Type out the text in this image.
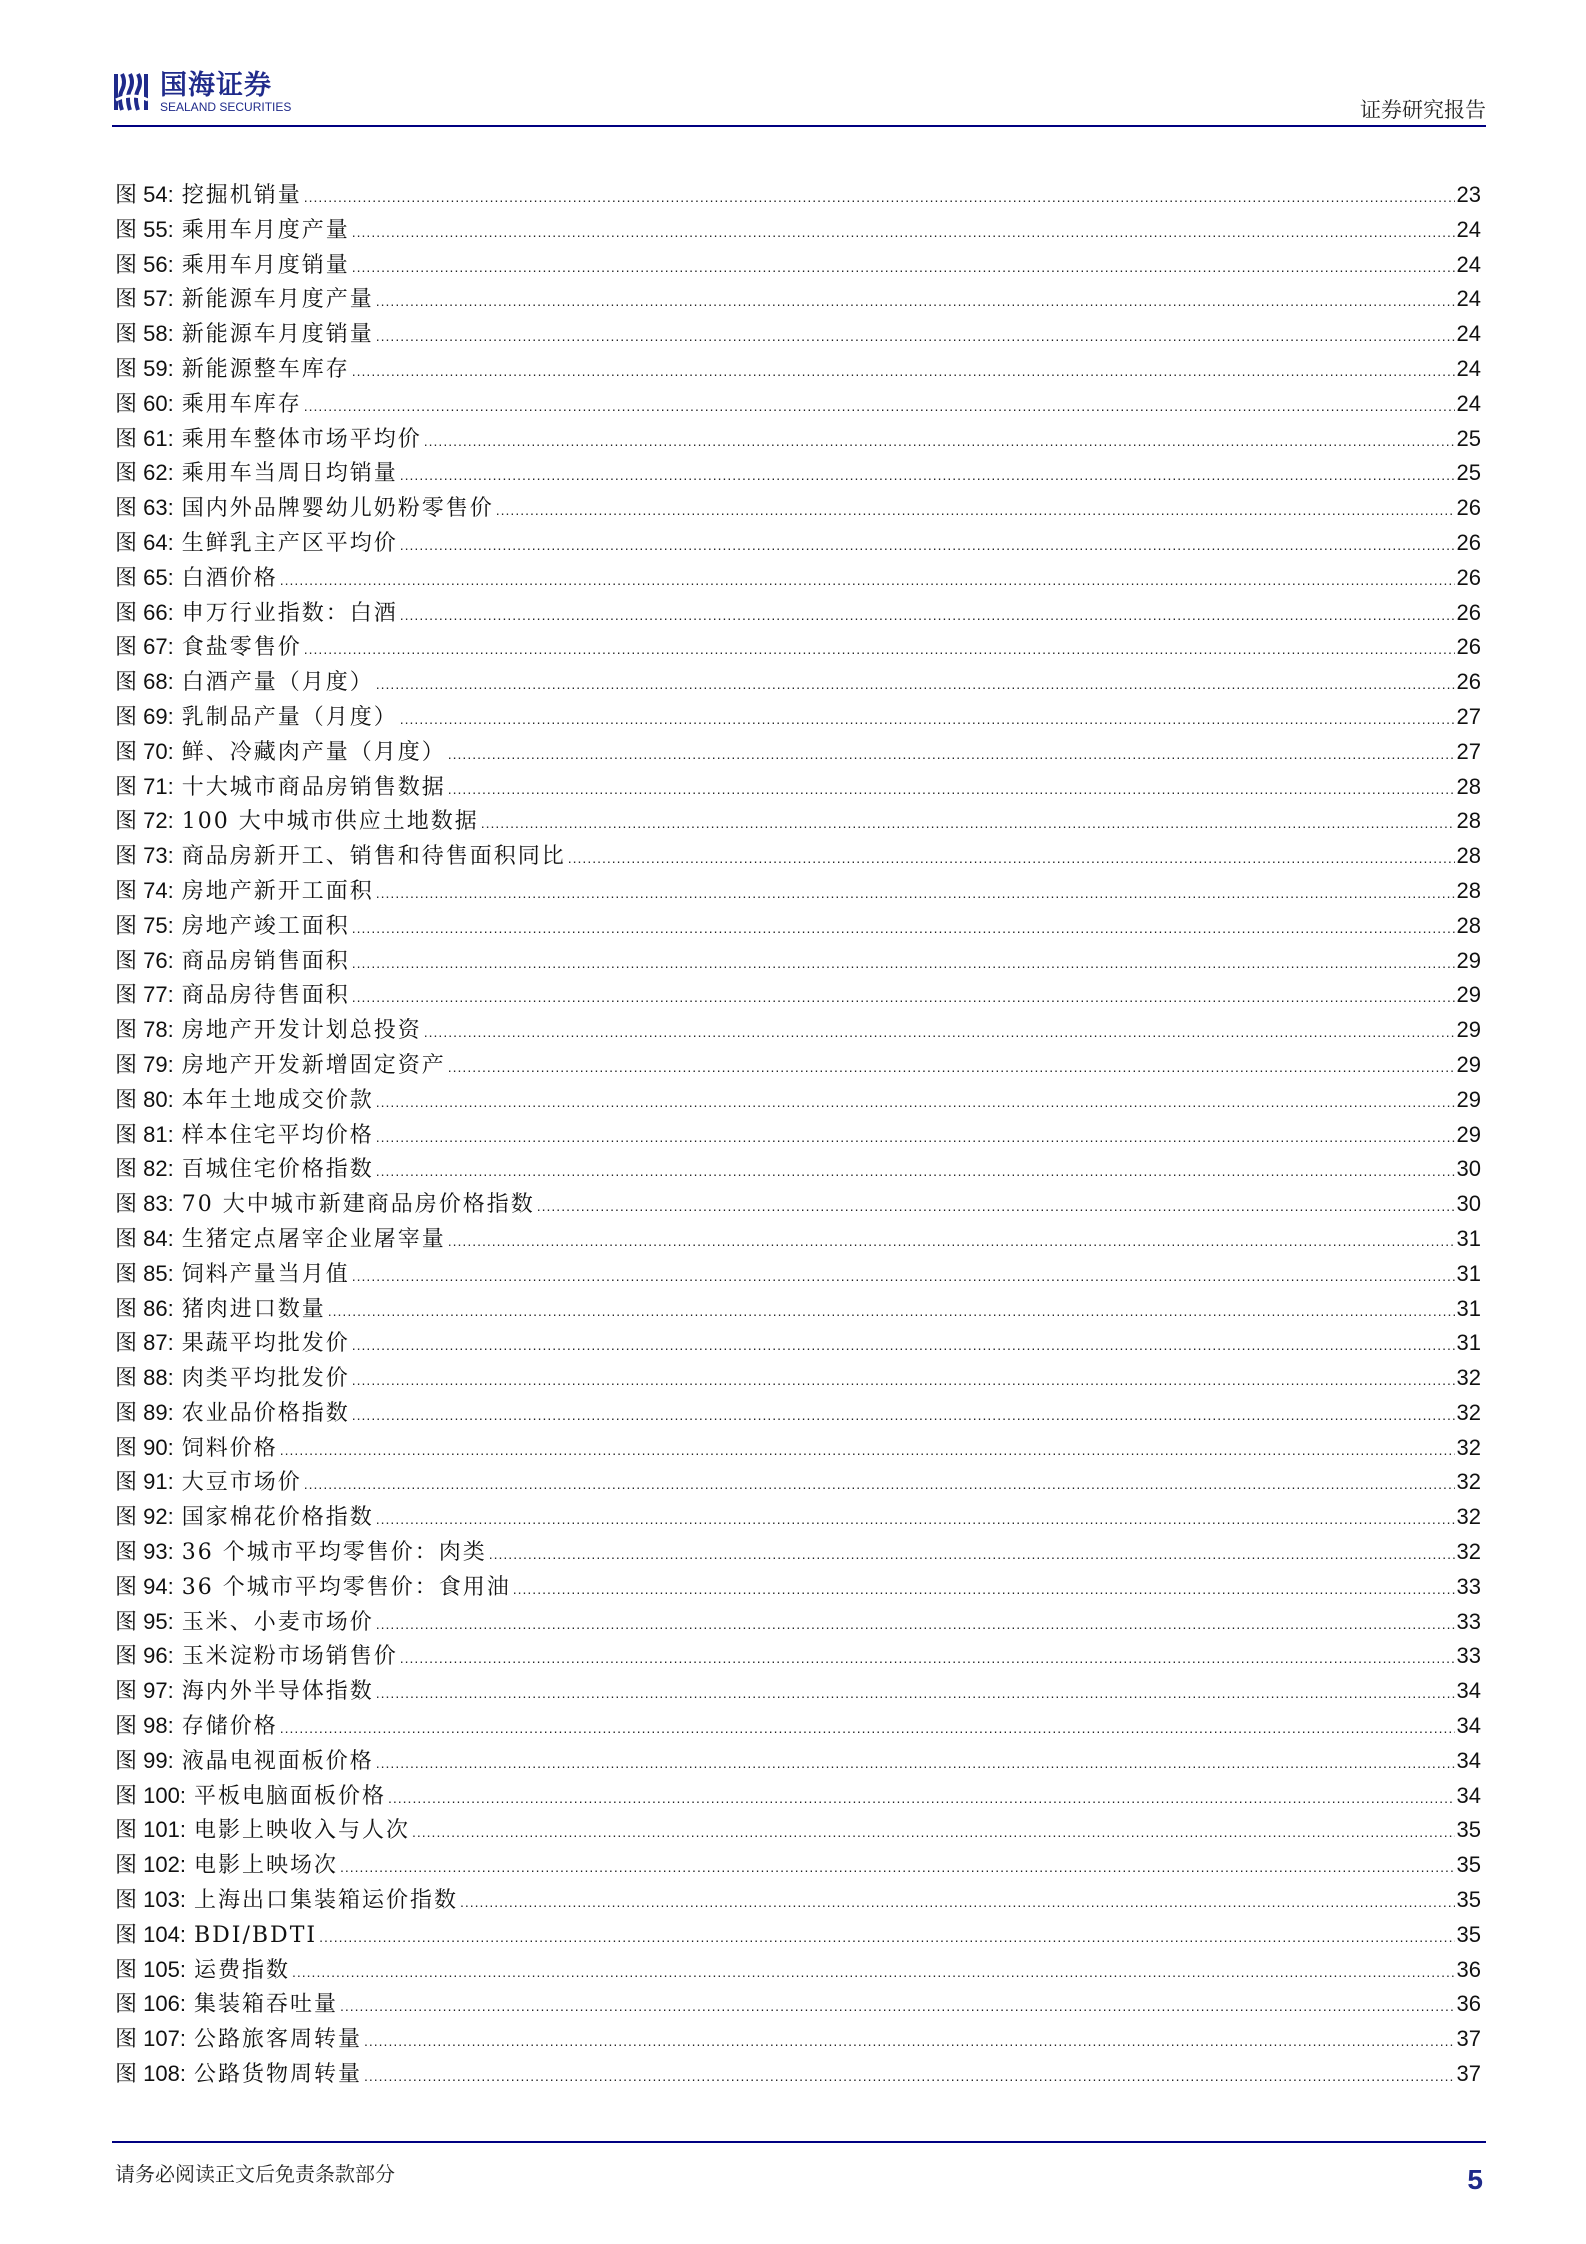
国海证券
SEALAND SECURITIES	证券研究报告
图 54: 挖掘机销量 .....	23
图 55: 乘用车月度产量 .....	24
图 56: 乘用车月度销量 .....	24
图 57: 新能源车月度产量 .....	24
图 58: 新能源车月度销量 .....	24
图 59: 新能源整车库存 .....	24
图 60: 乘用车库存 .....	24
图 61: 乘用车整体市场平均价 .....	25
图 62: 乘用车当周日均销量 .....	25
图 63: 国内外品牌婴幼儿奶粉零售价 .....	26
图 64: 生鲜乳主产区平均价 .....	26
图 65: 白酒价格 .....	26
图 66: 申万行业指数：白酒 .....	26
图 67: 食盐零售价 .....	26
图 68: 白酒产量（月度） .....	26
图 69: 乳制品产量（月度） .....	27
图 70: 鲜、冷藏肉产量（月度） .....	27
图 71: 十大城市商品房销售数据 .....	28
图 72: 100 大中城市供应土地数据 .....	28
图 73: 商品房新开工、销售和待售面积同比 .....	28
图 74: 房地产新开工面积 .....	28
图 75: 房地产竣工面积 .....	28
图 76: 商品房销售面积 .....	29
图 77: 商品房待售面积 .....	29
图 78: 房地产开发计划总投资 .....	29
图 79: 房地产开发新增固定资产 .....	29
图 80: 本年土地成交价款 .....	29
图 81: 样本住宅平均价格 .....	29
图 82: 百城住宅价格指数 .....	30
图 83: 70 大中城市新建商品房价格指数 .....	30
图 84: 生猪定点屠宰企业屠宰量 .....	31
图 85: 饲料产量当月值 .....	31
图 86: 猪肉进口数量 .....	31
图 87: 果蔬平均批发价 .....	31
图 88: 肉类平均批发价 .....	32
图 89: 农业品价格指数 .....	32
图 90: 饲料价格 .....	32
图 91: 大豆市场价 .....	32
图 92: 国家棉花价格指数 .....	32
图 93: 36 个城市平均零售价：肉类 .....	32
图 94: 36 个城市平均零售价：食用油 .....	33
图 95: 玉米、小麦市场价 .....	33
图 96: 玉米淀粉市场销售价 .....	33
图 97: 海内外半导体指数 .....	34
图 98: 存储价格 .....	34
图 99: 液晶电视面板价格 .....	34
图 100: 平板电脑面板价格 .....	34
图 101: 电影上映收入与人次 .....	35
图 102: 电影上映场次 .....	35
图 103: 上海出口集装箱运价指数 .....	35
图 104: BDI/BDTI .....	35
图 105: 运费指数 .....	36
图 106: 集装箱吞吐量 .....	36
图 107: 公路旅客周转量 .....	37
图 108: 公路货物周转量 .....	37
请务必阅读正文后免责条款部分	5
